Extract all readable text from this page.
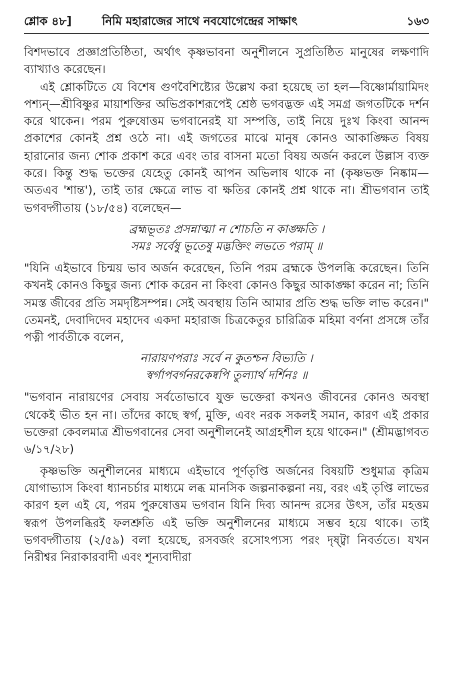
শ্লোক ৪৮]	নিমি মহারাজের সাথে নবযোগেন্দ্রের সাক্ষাৎ	১৬৩

বিশদভাবে প্রজ্ঞাপ্রতিষ্ঠিতা, অর্থাৎ কৃষ্ণভাবনা অনুশীলনে সুপ্রতিষ্ঠিত মানুষের লক্ষণাদি ব্যাখ্যাও করেছেন।

এই শ্লোকটিতে যে বিশেষ গুণবৈশিষ্ট্যের উল্লেখ করা হয়েছে তা হল—বিষ্ণোর্মায়ামিদং পশ্যন্—শ্রীবিষ্ণুর মায়াশক্তির অভিপ্রকাশরূপেই শ্রেষ্ঠ ভগবদ্ভক্ত এই সমগ্র জগতটিকে দর্শন করে থাকেন। পরম পুরুষোত্তম ভগবানেরই যা সম্পত্তি, তাই নিয়ে দুঃখ কিংবা আনন্দ প্রকাশের কোনই প্রশ্ন ওঠে না। এই জগতের মাঝে মানুষ কোনও আকাঙ্ক্ষিত বিষয় হারানোর জন্য শোক প্রকাশ করে এবং তার বাসনা মতো বিষয় অর্জন করলে উল্লাস ব্যক্ত করে। কিন্তু শুদ্ধ ভক্তের যেহেতু কোনই আপন অভিলাষ থাকে না (কৃষ্ণভক্ত নিষ্কাম—অতএব 'শান্ত'), তাই তার ক্ষেত্রে লাভ বা ক্ষতির কোনই প্রশ্ন থাকে না। শ্রীভগবান তাই ভগবদ্গীতায় (১৮/৫৪) বলেছেন—

ব্রহ্মভূতঃ প্রসন্নাত্মা ন শোচতি ন কাঙ্ক্ষতি ।
সমঃ সর্বেষু ভূতেষু মদ্ভক্তিং লভতে পরাম্ ॥

"যিনি এইভাবে চিন্ময় ভাব অর্জন করেছেন, তিনি পরম ব্রহ্মকে উপলব্ধি করেছেন। তিনি কখনই কোনও কিছুর জন্য শোক করেন না কিংবা কোনও কিছুর আকাঙ্ক্ষা করেন না; তিনি সমস্ত জীবের প্রতি সমদৃষ্টিসম্পন্ন। সেই অবস্থায় তিনি আমার প্রতি শুদ্ধ ভক্তি লাভ করেন।" তেমনই, দেবাদিদেব মহাদেব একদা মহারাজ চিত্রকেতুর চারিত্রিক মহিমা বর্ণনা প্রসঙ্গে তাঁর পত্নী পার্বতীকে বলেন,

নারায়ণপরাঃ সর্বে ন কুতশ্চন বিভ্যতি ।
স্বর্গাপবর্গনরকেষ্বপি তুল্যার্থ দর্শিনঃ ॥

"ভগবান নারায়ণের সেবায় সর্বতোভাবে যুক্ত ভক্তেরা কখনও জীবনের কোনও অবস্থা থেকেই ভীত হন না। তাঁদের কাছে স্বর্গ, মুক্তি, এবং নরক সকলই সমান, কারণ এই প্রকার ভক্তেরা কেবলমাত্র শ্রীভগবানের সেবা অনুশীলনেই আগ্রহশীল হয়ে থাকেন।" (শ্রীমদ্ভাগবত ৬/১৭/২৮)

কৃষ্ণভক্তি অনুশীলনের মাধ্যমে এইভাবে পূর্ণতৃপ্তি অর্জনের বিষয়টি শুধুমাত্র কৃত্রিম যোগাভ্যাস কিংবা ধ্যানচর্চার মাধ্যমে লব্ধ মানসিক জল্পনাকল্পনা নয়, বরং এই তৃপ্তি লাভের কারণ হল এই যে, পরম পুরুষোত্তম ভগবান যিনি দিব্য আনন্দ রসের উৎস, তাঁর মহত্তম স্বরূপ উপলব্ধিরই ফলশ্রুতি এই ভক্তি অনুশীলনের মাধ্যমে সম্ভব হয়ে থাকে। তাই ভগবদ্গীতায় (২/৫৯) বলা হয়েছে, রসবর্জং রসোঽপ্যস্য পরং দৃষ্ট্বা নিবর্ততে। যখন নিরীশ্বর নিরাকারবাদী এবং শূন্যবাদীরা
